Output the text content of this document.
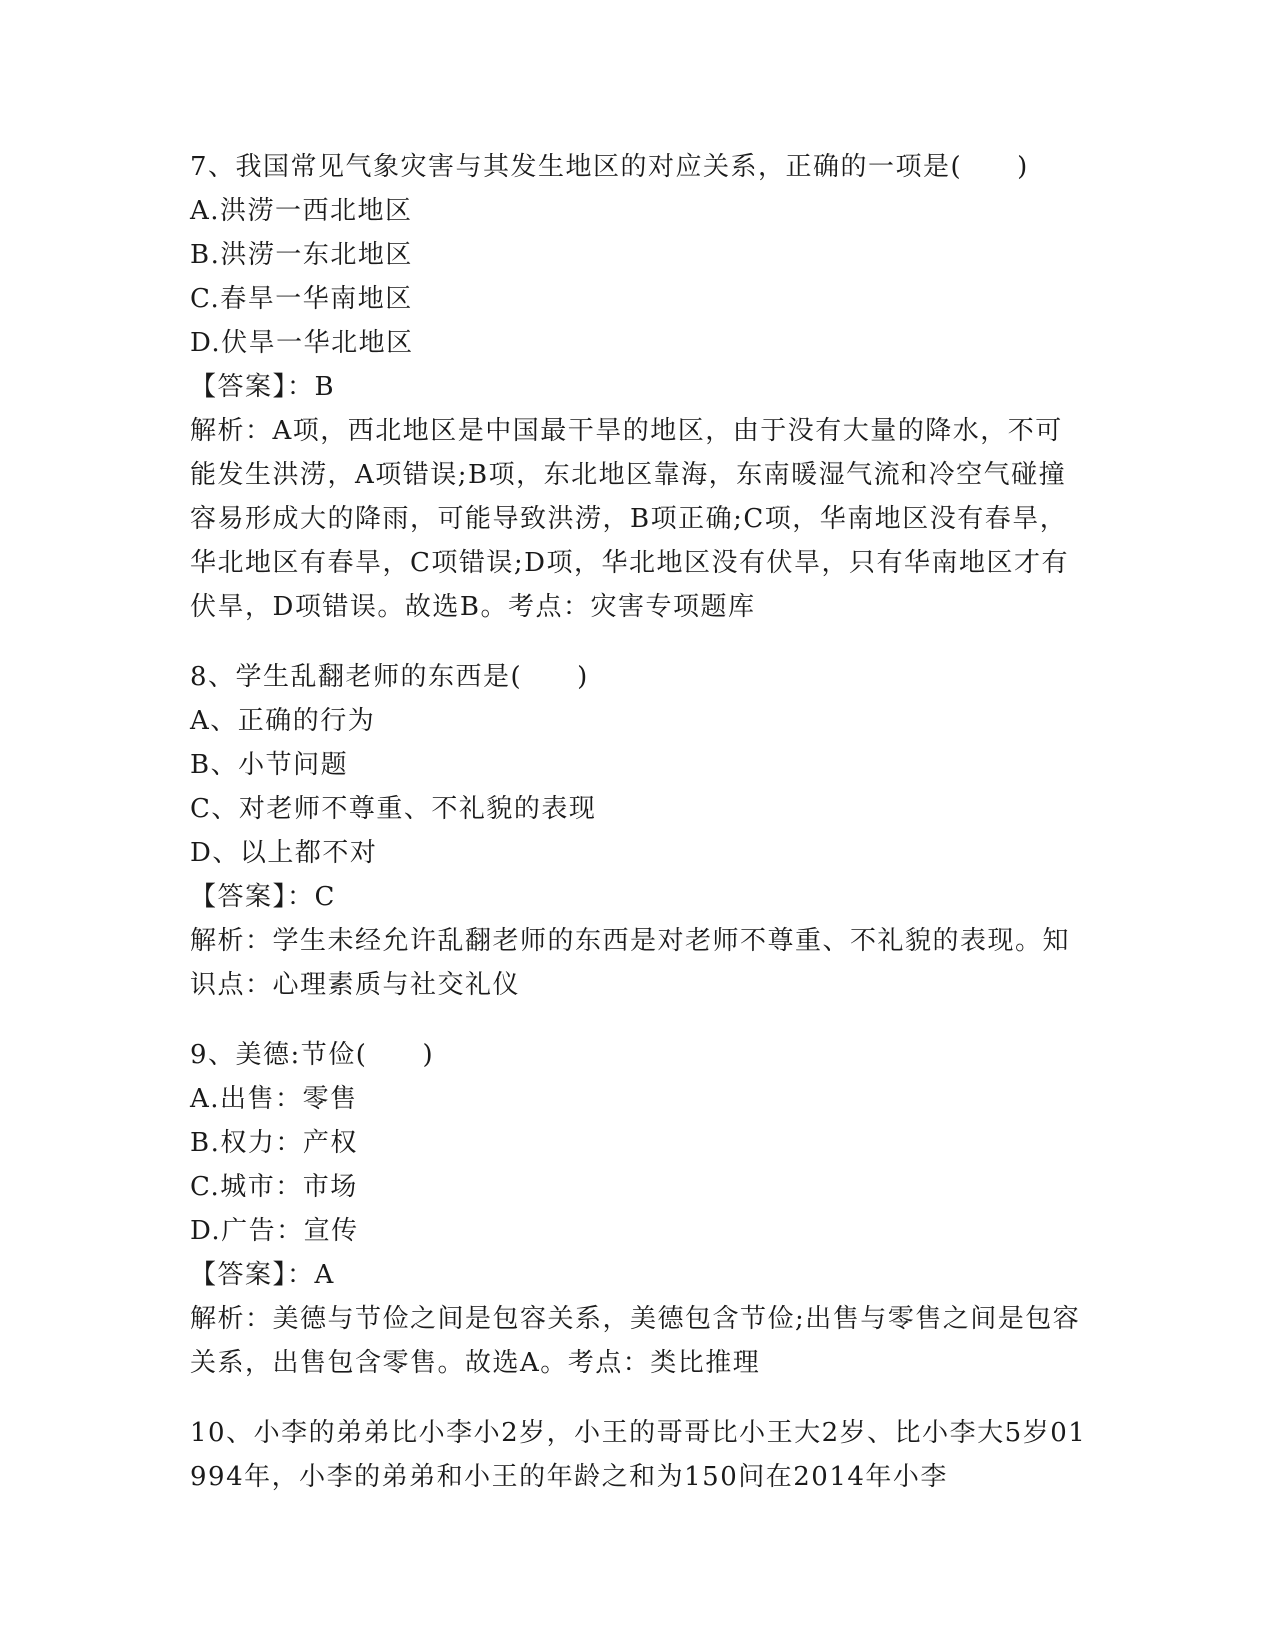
7、我国常见气象灾害与其发生地区的对应关系，正确的一项是(　　)
A.洪涝一西北地区
B.洪涝一东北地区
C.春旱一华南地区
D.伏旱一华北地区
【答案】：B
解析：A项，西北地区是中国最干旱的地区，由于没有大量的降水，不可能发生洪涝，A项错误;B项，东北地区靠海，东南暖湿气流和冷空气碰撞容易形成大的降雨，可能导致洪涝，B项正确;C项，华南地区没有春旱，华北地区有春旱，C项错误;D项，华北地区没有伏旱，只有华南地区才有伏旱，D项错误。故选B。考点：灾害专项题库
8、学生乱翻老师的东西是(　　)
A、正确的行为
B、小节问题
C、对老师不尊重、不礼貌的表现
D、以上都不对
【答案】：C
解析：学生未经允许乱翻老师的东西是对老师不尊重、不礼貌的表现。知识点：心理素质与社交礼仪
9、美德:节俭(　　)
A.出售：零售
B.权力：产权
C.城市：市场
D.广告：宣传
【答案】：A
解析：美德与节俭之间是包容关系，美德包含节俭;出售与零售之间是包容关系，出售包含零售。故选A。考点：类比推理
10、小李的弟弟比小李小2岁，小王的哥哥比小王大2岁、比小李大5岁01994年，小李的弟弟和小王的年龄之和为150问在2014年小李
